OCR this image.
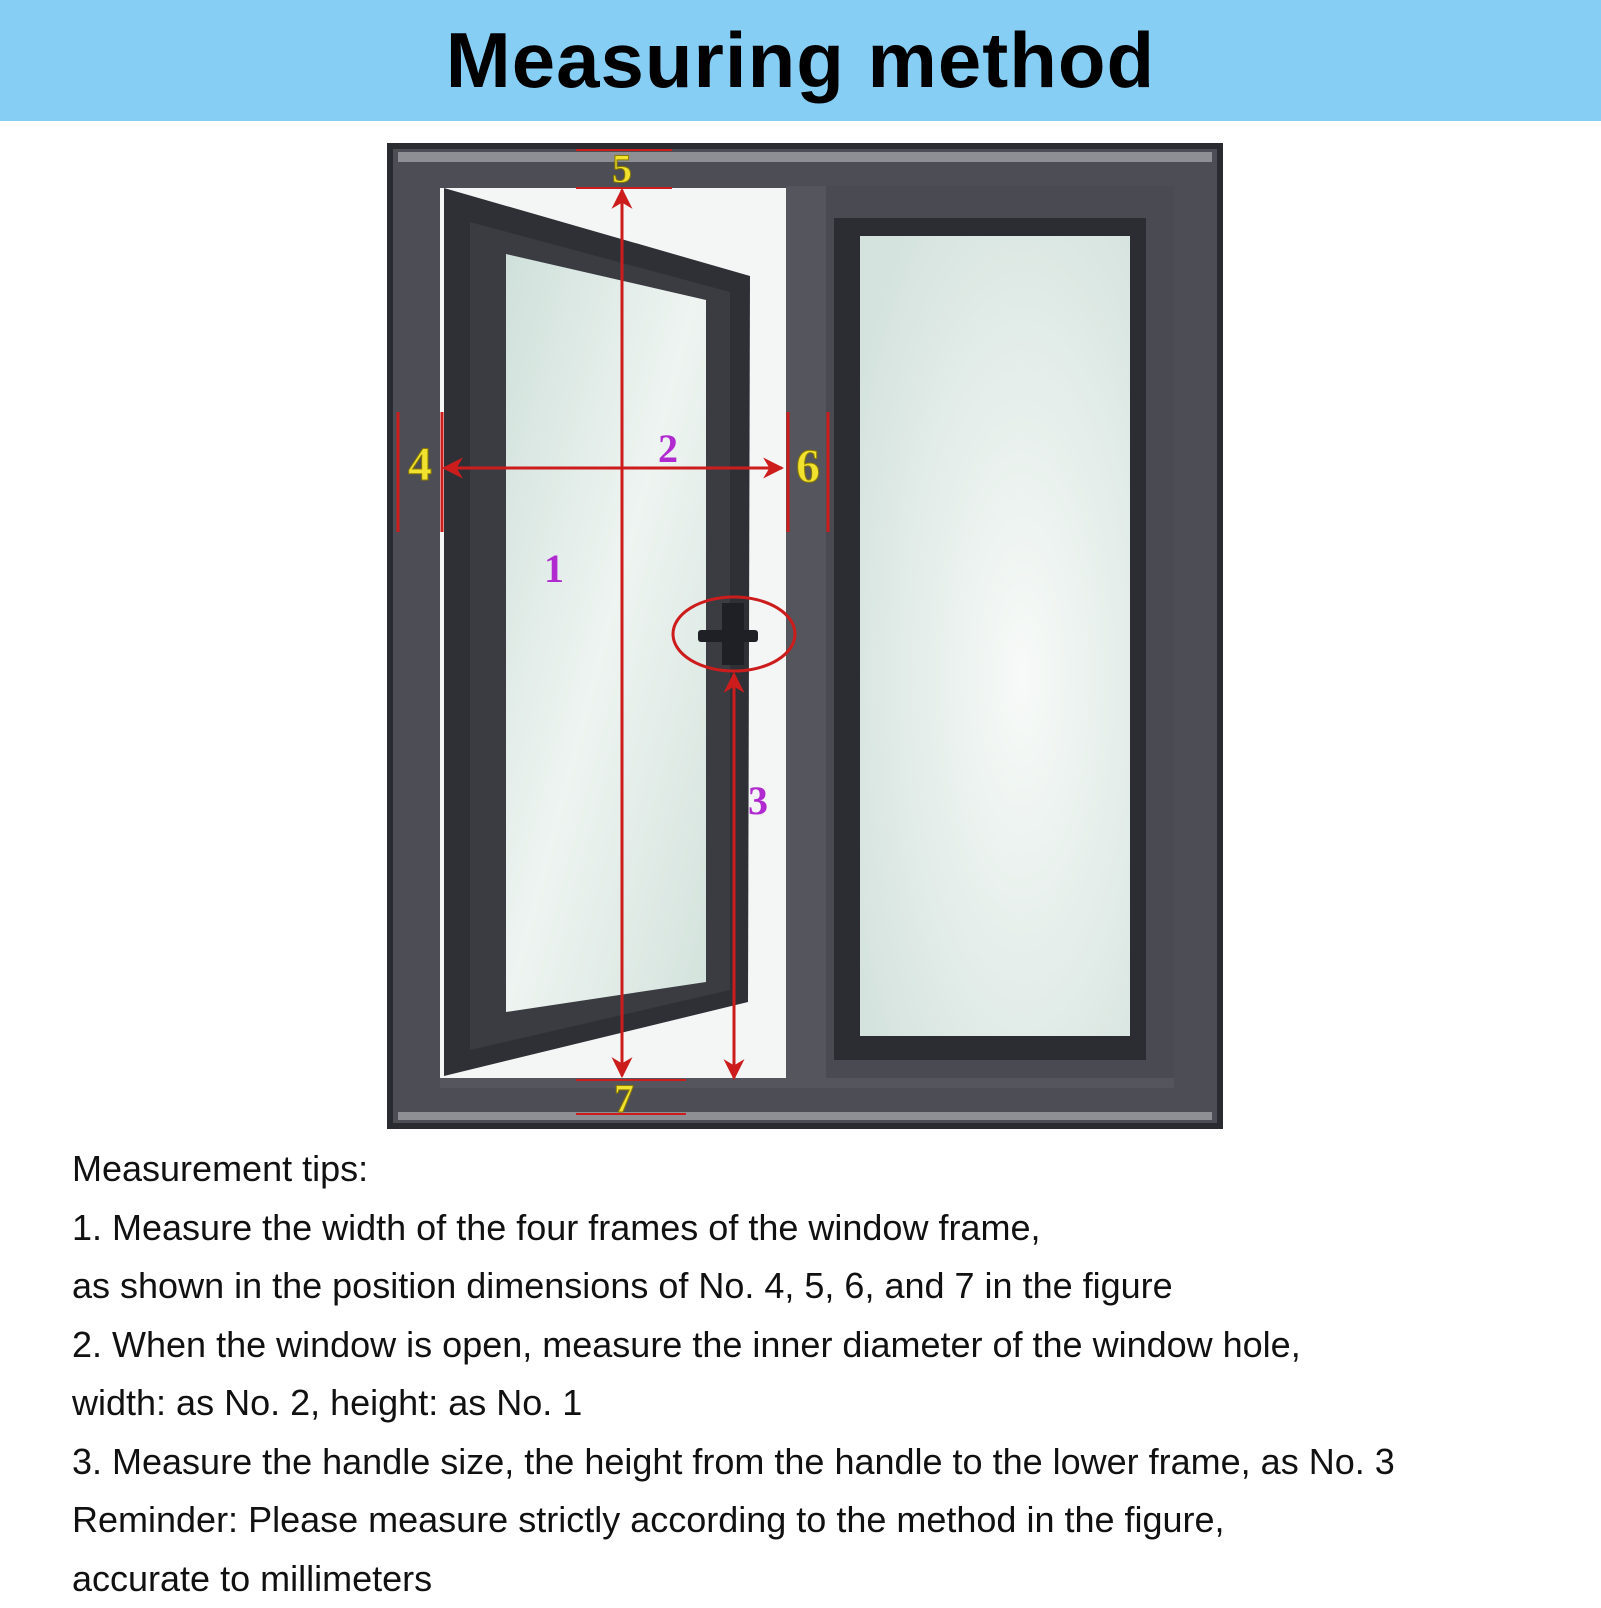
Measuring method
1
2
3
4
5
6
7

Measurement tips:

1. Measure the width of the four frames of the window frame,

as shown in the position dimensions of No. 4, 5, 6, and 7 in the figure

2. When the window is open, measure the inner diameter of the window hole,

width: as No. 2, height: as No. 1

3. Measure the handle size, the height from the handle to the lower frame, as No. 3

Reminder: Please measure strictly according to the method in the figure,

accurate to millimeters
